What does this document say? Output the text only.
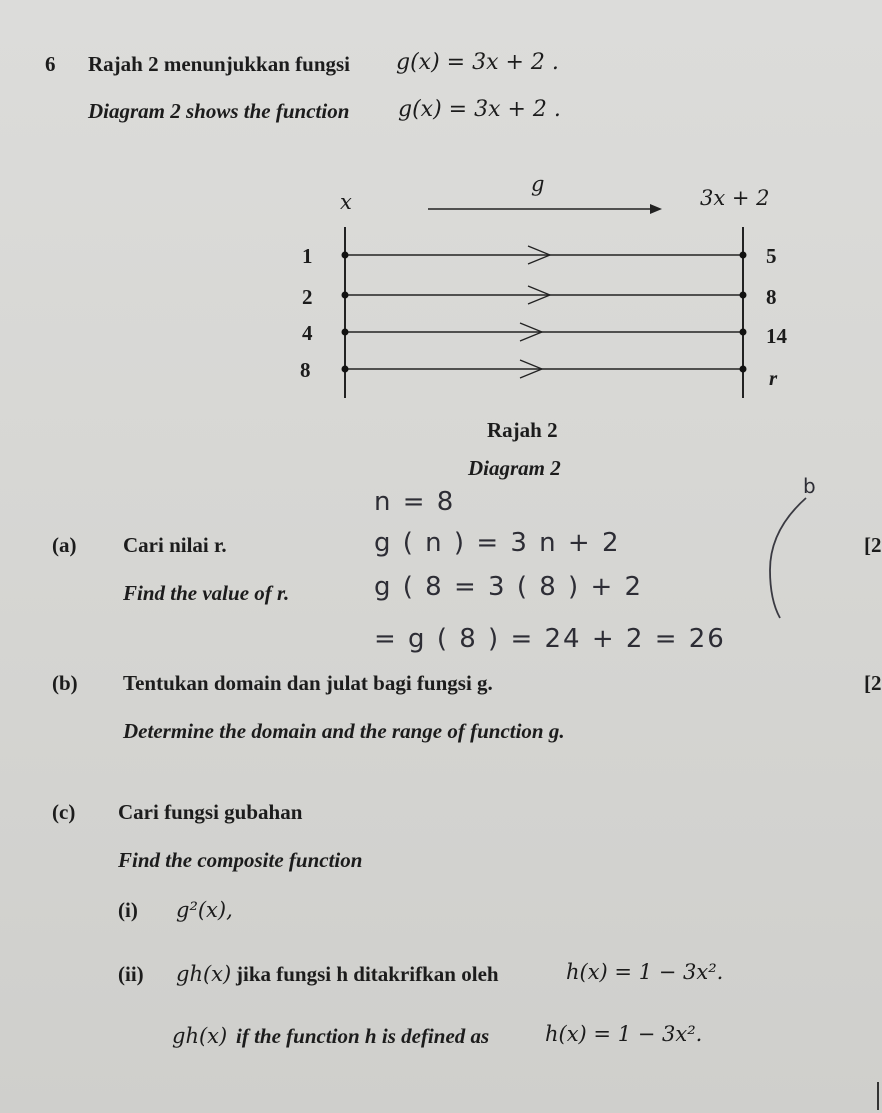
6 Rajah 2 menunjukkan fungsi g(x) = 3x + 2 .
Diagram 2 shows the function g(x) = 3x + 2 .
g
x	3x + 2
1
2
4
8
5
8
14
r
Rajah 2
Diagram 2
(a) Cari nilai r.
Find the value of r.
[2
n = 8
g ( n ) = 3 n + 2
g ( 8 = 3 ( 8 ) + 2
= g ( 8 ) = 24 + 2 = 26
b
(b) Tentukan domain dan julat bagi fungsi g.
Determine the domain and the range of function g.
[2
(c) Cari fungsi gubahan
Find the composite function
(i) g²(x),
(ii) gh(x) jika fungsi h ditakrifkan oleh	h(x) = 1 − 3x².
gh(x) if the function h is defined as	h(x) = 1 − 3x².
